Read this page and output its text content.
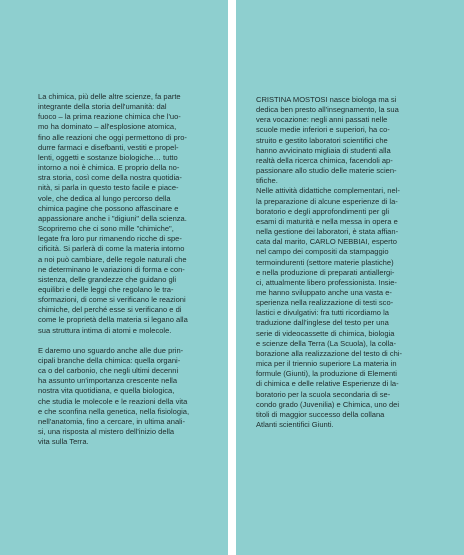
La chimica, più delle altre scienze, fa parte
integrante della storia dell'umanità: dal
fuoco – la prima reazione chimica che l'uo-
mo ha dominato – all'esplosione atomica,
fino alle reazioni che oggi permettono di pro-
durre farmaci e disefbanti, vestiti e propel-
lenti, oggetti e sostanze biologiche… tutto
intorno a noi è chimica. E proprio della no-
stra storia, così come della nostra quotidia-
nità, si parla in questo testo facile e piace-
vole, che dedica al lungo percorso della
chimica pagine che possono affascinare e
appassionare anche i "digiuni" della scienza.
Scopriremo che ci sono mille "chimiche",
legate fra loro pur rimanendo ricche di spe-
cificità. Si parlerà di come la materia intorno
a noi può cambiare, delle regole naturali che
ne determinano le variazioni di forma e con-
sistenza, delle grandezze che guidano gli
equilibri e delle leggi che regolano le tra-
sformazioni, di come si verificano le reazioni
chimiche, del perché esse si verificano e di
come le proprietà della materia si legano alla
sua struttura intima di atomi e molecole.

E daremo uno sguardo anche alle due prin-
cipali branche della chimica: quella organi-
ca o del carbonio, che negli ultimi decenni
ha assunto un'importanza crescente nella
nostra vita quotidiana, e quella biologica,
che studia le molecole e le reazioni della vita
e che sconfina nella genetica, nella fisiologia,
nell'anatomia, fino a cercare, in ultima anali-
si, una risposta al mistero dell'inizio della
vita sulla Terra.

CRISTINA MOSTOSI nasce biologa ma si
dedica ben presto all'insegnamento, la sua
vera vocazione: negli anni passati nelle
scuole medie inferiori e superiori, ha co-
struito e gestito laboratori scientifici che
hanno avvicinato migliaia di studenti alla
realtà della ricerca chimica, facendoli ap-
passionare allo studio delle materie scien-
tifiche.

Nelle attività didattiche complementari, nel-
la preparazione di alcune esperienze di la-
boratorio e degli approfondimenti per gli
esami di maturità e nella messa in opera e
nella gestione dei laboratori, è stata affian-
cata dal marito, CARLO NEBBIAI, esperto
nel campo dei compositi da stampaggio
termoindurenti (settore materie plastiche)
e nella produzione di preparati antiallergi-
ci, attualmente libero professionista. Insie-
me hanno sviluppato anche una vasta e-
sperienza nella realizzazione di testi sco-
lastici e divulgativi: fra tutti ricordiamo la
traduzione dall'inglese del testo per una
serie di videocassette di chimica, biologia
e scienze della Terra (La Scuola), la colla-
borazione alla realizzazione del testo di chi-
mica per il triennio superiore La materia in
formule (Giunti), la produzione di Elementi
di chimica e delle relative Esperienze di la-
boratorio per la scuola secondaria di se-
condo grado (Juvenilia) e Chimica, uno dei
titoli di maggior successo della collana
Atlanti scientifici Giunti.
